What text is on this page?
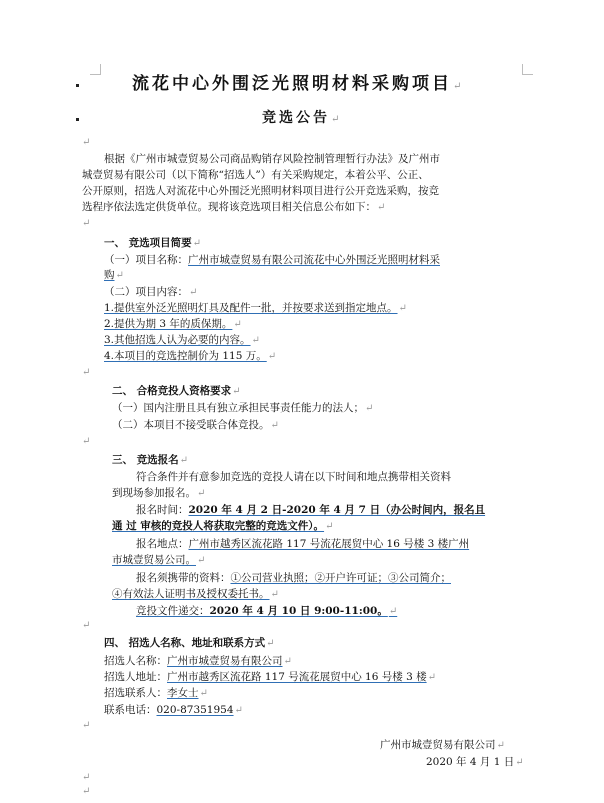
流花中心外围泛光照明材料采购项目↵
竞选公告↵
↵
根据《广州市城壹贸易公司商品购销存风险控制管理暂行办法》及广州市
城壹贸易有限公司（以下简称“招选人”）有关采购规定，本着公平、公正、
公开原则，招选人对流花中心外围泛光照明材料项目进行公开竞选采购，按竞
选程序依法选定供货单位。现将该竞选项目相关信息公布如下：↵
↵
一、 竞选项目简要↵
（一）项目名称：广州市城壹贸易有限公司流花中心外围泛光照明材料采
购↵
（二）项目内容：↵
1.提供室外泛光照明灯具及配件一批，并按要求送到指定地点。↵
2.提供为期 3 年的质保期。↵
3.其他招选人认为必要的内容。↵
4.本项目的竞选控制价为 115 万。↵
↵
二、 合格竞投人资格要求↵
（一）国内注册且具有独立承担民事责任能力的法人；↵
（二）本项目不接受联合体竞投。↵
↵
三、 竞选报名↵
符合条件并有意参加竞选的竞投人请在以下时间和地点携带相关资料
到现场参加报名。↵
报名时间：2020 年 4 月 2 日-2020 年 4 月 7 日（办公时间内，报名且
通 过 审核的竞投人将获取完整的竞选文件）。↵
报名地点：广州市越秀区流花路 117 号流花展贸中心 16 号楼 3 楼广州
市城壹贸易公司。↵
报名须携带的资料：①公司营业执照；②开户许可证；③公司简介；
④有效法人证明书及授权委托书。↵
竞投文件递交：2020 年 4 月 10 日 9:00-11:00。↵
↵
四、 招选人名称、地址和联系方式↵
招选人名称：广州市城壹贸易有限公司↵
招选人地址：广州市越秀区流花路 117 号流花展贸中心 16 号楼 3 楼↵
招选联系人：李女士↵
联系电话：020-87351954↵
↵
广州市城壹贸易有限公司↵
2020 年 4 月 1 日↵
↵
↵
